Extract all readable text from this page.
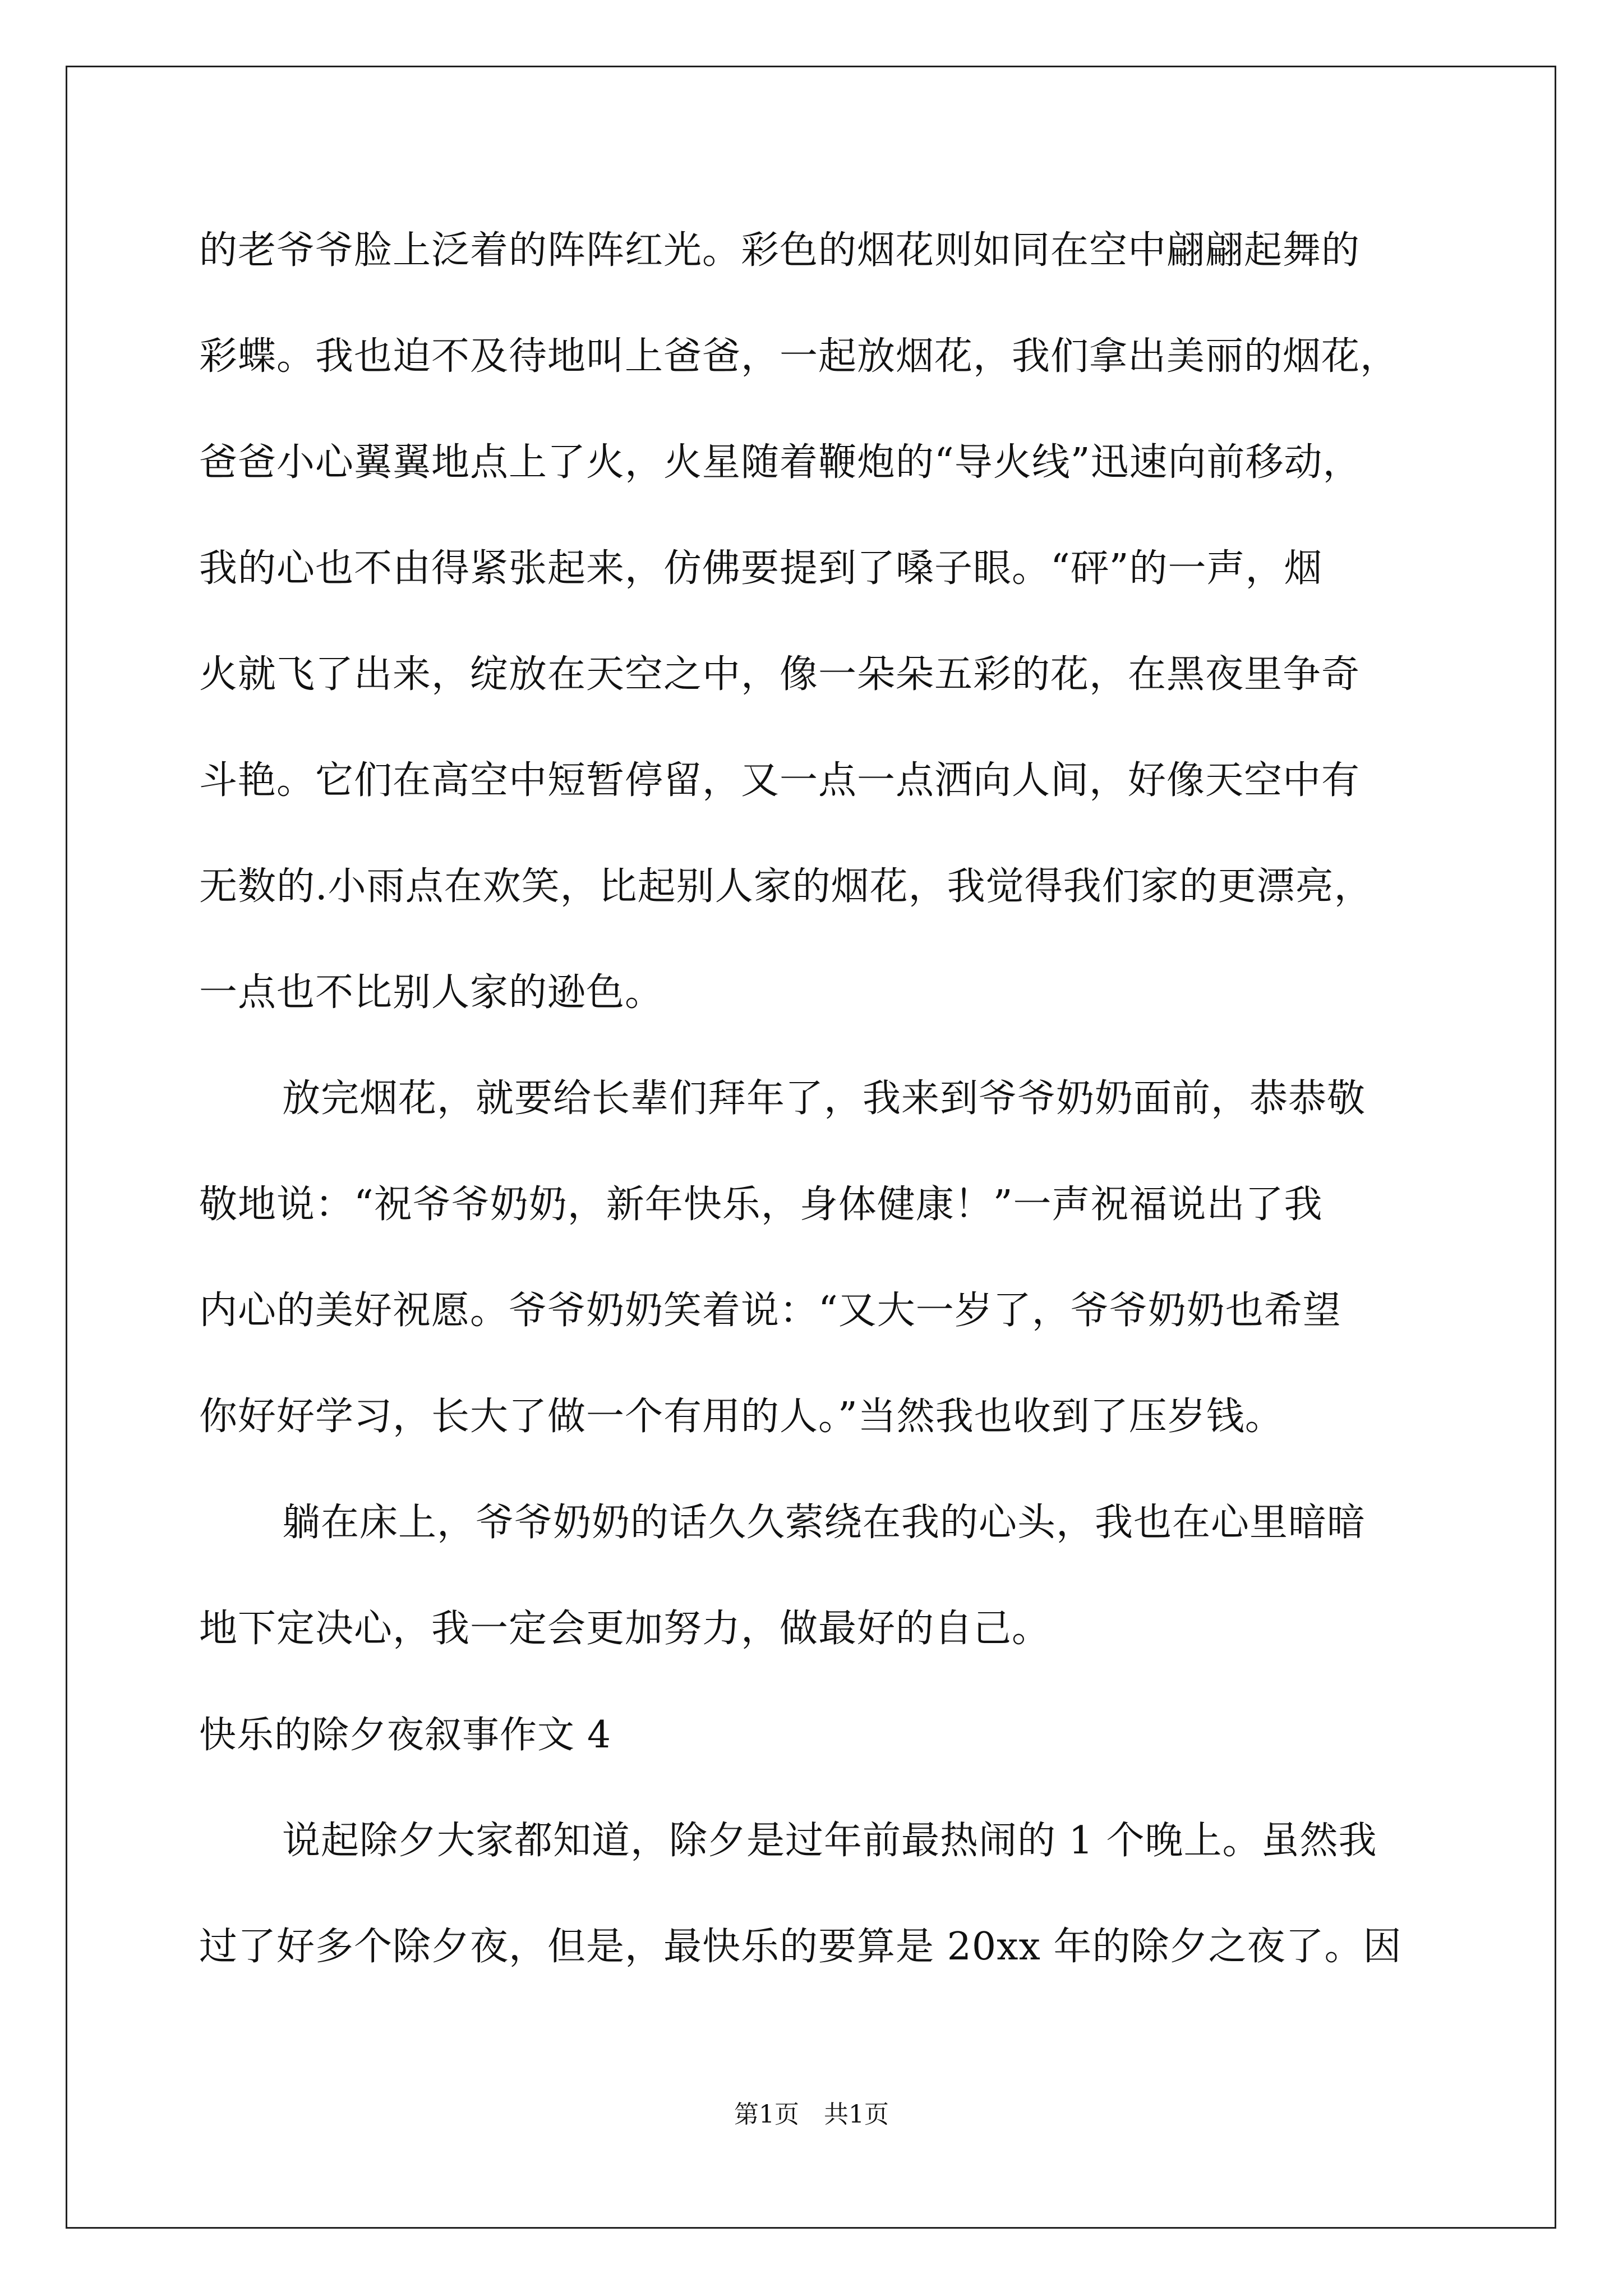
的老爷爷脸上泛着的阵阵红光。彩色的烟花则如同在空中翩翩起舞的
彩蝶。我也迫不及待地叫上爸爸，一起放烟花，我们拿出美丽的烟花，
爸爸小心翼翼地点上了火，火星随着鞭炮的“导火线”迅速向前移动，
我的心也不由得紧张起来，仿佛要提到了嗓子眼。“砰”的一声，烟
火就飞了出来，绽放在天空之中，像一朵朵五彩的花，在黑夜里争奇
斗艳。它们在高空中短暂停留，又一点一点洒向人间，好像天空中有
无数的.小雨点在欢笑，比起别人家的烟花，我觉得我们家的更漂亮，
一点也不比别人家的逊色。
放完烟花，就要给长辈们拜年了，我来到爷爷奶奶面前，恭恭敬
敬地说：“祝爷爷奶奶，新年快乐，身体健康！”一声祝福说出了我
内心的美好祝愿。爷爷奶奶笑着说：“又大一岁了，爷爷奶奶也希望
你好好学习，长大了做一个有用的人。”当然我也收到了压岁钱。
躺在床上，爷爷奶奶的话久久萦绕在我的心头，我也在心里暗暗
地下定决心，我一定会更加努力，做最好的自己。
快乐的除夕夜叙事作文 4
说起除夕大家都知道，除夕是过年前最热闹的 1 个晚上。虽然我
过了好多个除夕夜，但是，最快乐的要算是 20xx 年的除夕之夜了。因
第1页　共1页
